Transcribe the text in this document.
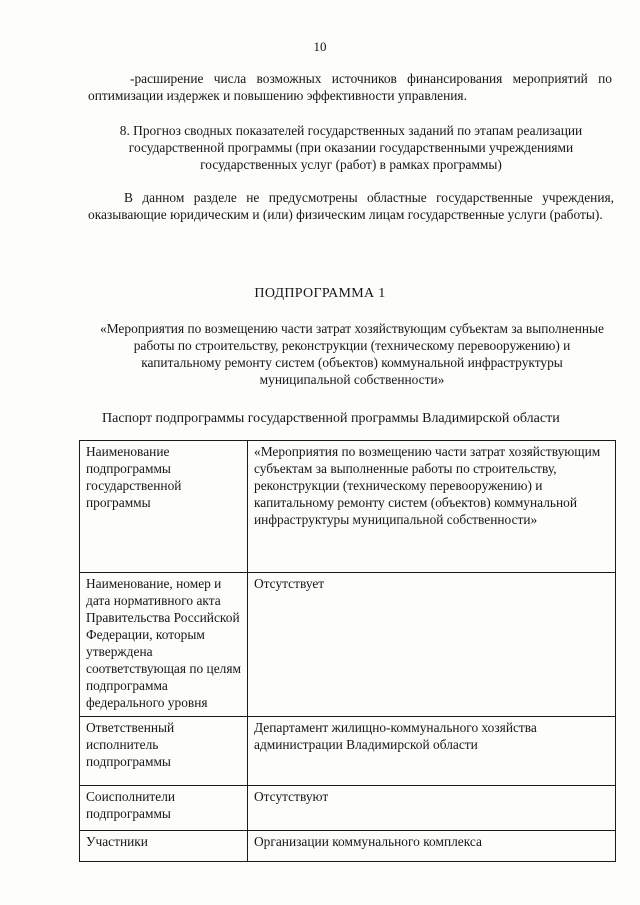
10
-расширение числа возможных источников финансирования мероприятий по оптимизации издержек и повышению эффективности управления.
8. Прогноз сводных показателей государственных заданий по этапам реализации государственной программы (при оказании государственными учреждениями государственных услуг (работ) в рамках программы)
В данном разделе не предусмотрены областные государственные учреждения, оказывающие юридическим и (или) физическим лицам государственные услуги (работы).
ПОДПРОГРАММА 1
«Мероприятия по возмещению части затрат хозяйствующим субъектам за выполненные работы по строительству, реконструкции (техническому перевооружению) и капитальному ремонту систем (объектов) коммунальной инфраструктуры муниципальной собственности»
Паспорт подпрограммы государственной программы Владимирской области
Наименование подпрограммы государственной программы	«Мероприятия по возмещению части затрат хозяйствующим субъектам за выполненные работы по строительству, реконструкции (техническому перевооружению) и капитальному ремонту систем (объектов) коммунальной инфраструктуры муниципальной собственности»
Наименование, номер и дата нормативного акта Правительства Российской Федерации, которым утверждена соответствующая по целям подпрограмма федерального уровня	Отсутствует
Ответственный исполнитель подпрограммы	Департамент жилищно-коммунального хозяйства администрации Владимирской области
Соисполнители подпрограммы	Отсутствуют
Участники	Организации коммунального комплекса
